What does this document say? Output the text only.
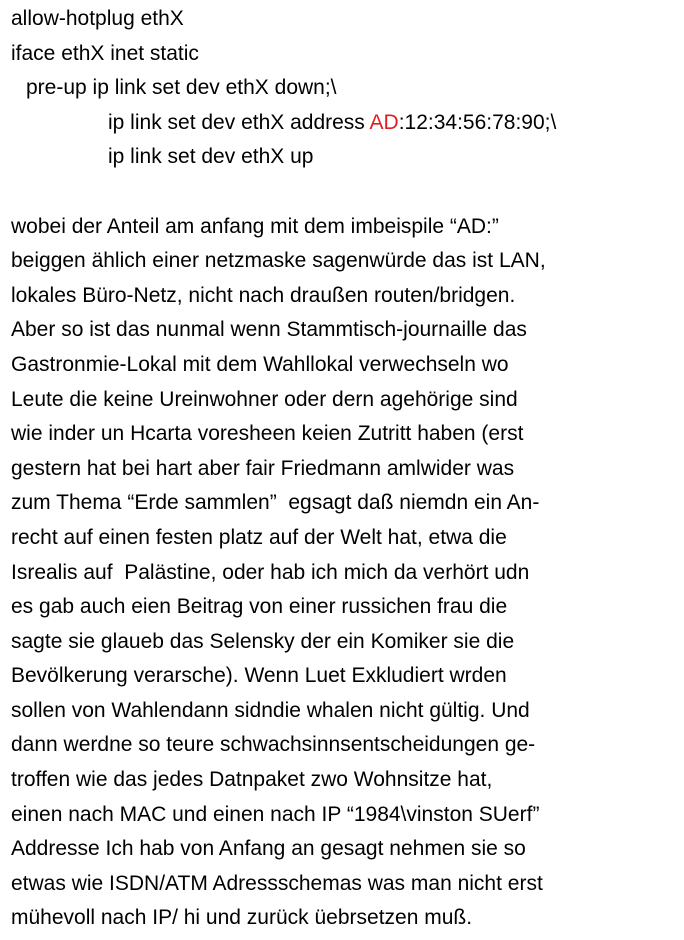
allow-hotplug ethX
iface ethX inet static
pre-up ip link set dev ethX down;\
ip link set dev ethX address AD:12:34:56:78:90;\
ip link set dev ethX up
wobei der Anteil am anfang mit dem imbeispile “AD:”
beiggen ählich einer netzmaske sagenwürde das ist LAN,
lokales Büro-Netz, nicht nach draußen routen/bridgen.
Aber so ist das nunmal wenn Stammtisch-journaille das
Gastronmie-Lokal mit dem Wahllokal verwechseln wo
Leute die keine Ureinwohner oder dern agehörige sind
wie inder un Hcarta voresheen keien Zutritt haben (erst
gestern hat bei hart aber fair Friedmann amlwider was
zum Thema “Erde sammlen”  egsagt daß niemdn ein An-
recht auf einen festen platz auf der Welt hat, etwa die
Isrealis auf  Palästine, oder hab ich mich da verhört udn
es gab auch eien Beitrag von einer russichen frau die
sagte sie glaueb das Selensky der ein Komiker sie die
Bevölkerung verarsche). Wenn Luet Exkludiert wrden
sollen von Wahlendann sidndie whalen nicht gültig. Und
dann werdne so teure schwachsinnsentscheidungen ge-
troffen wie das jedes Datnpaket zwo Wohnsitze hat,
einen nach MAC und einen nach IP “1984\vinston SUerf”
Addresse Ich hab von Anfang an gesagt nehmen sie so
etwas wie ISDN/ATM Adressschemas was man nicht erst
mühevoll nach IP/ hi und zurück üebrsetzen muß.
